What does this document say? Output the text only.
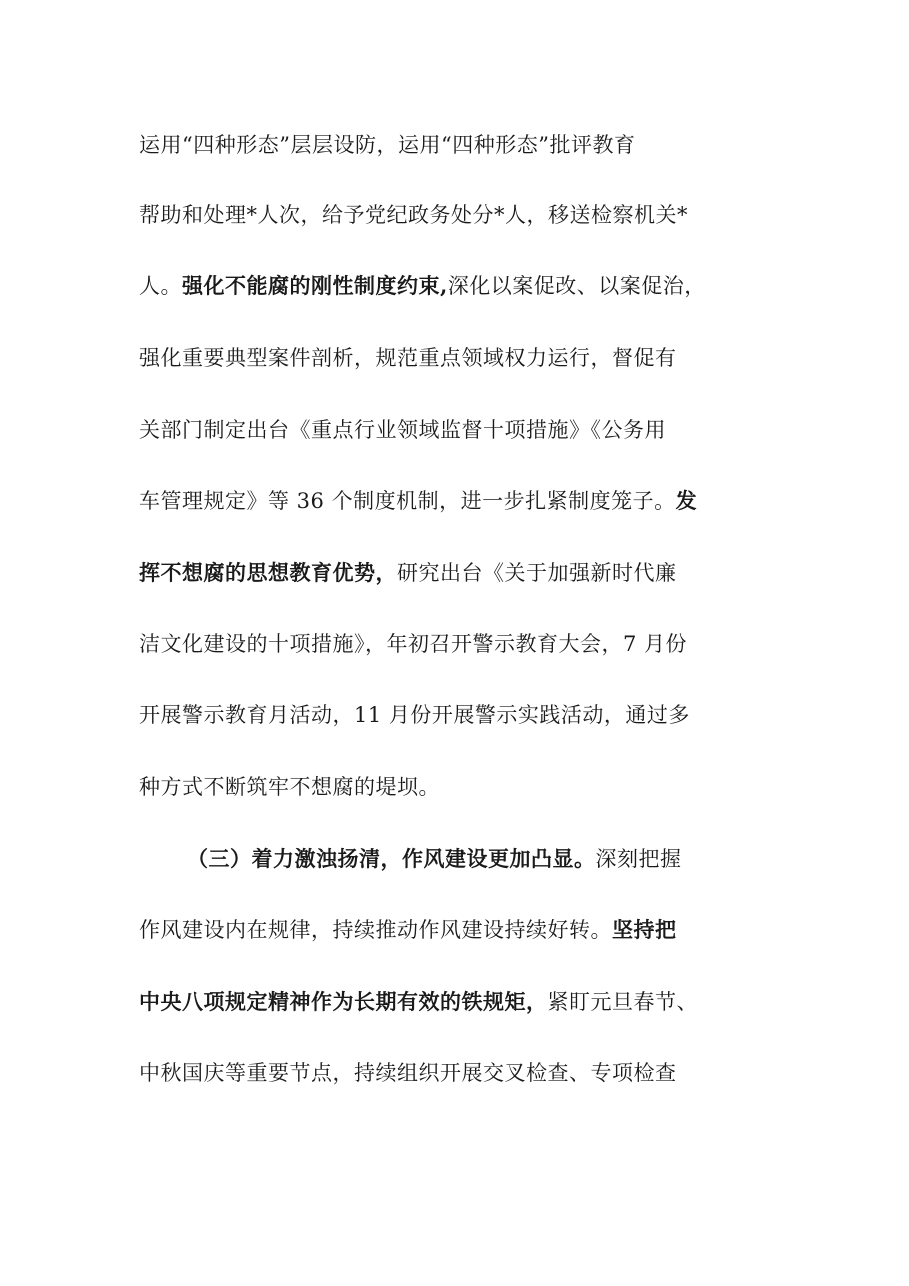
运用“四种形态”层层设防，运用“四种形态”批评教育
帮助和处理*人次，给予党纪政务处分*人，移送检察机关*
人。强化不能腐的刚性制度约束,深化以案促改、以案促治，
强化重要典型案件剖析，规范重点领域权力运行，督促有
关部门制定出台《重点行业领域监督十项措施》《公务用
车管理规定》等 36 个制度机制，进一步扎紧制度笼子。发
挥不想腐的思想教育优势，研究出台《关于加强新时代廉
洁文化建设的十项措施》，年初召开警示教育大会，7 月份
开展警示教育月活动，11 月份开展警示实践活动，通过多
种方式不断筑牢不想腐的堤坝。
（三）着力激浊扬清，作风建设更加凸显。深刻把握
作风建设内在规律，持续推动作风建设持续好转。坚持把
中央八项规定精神作为长期有效的铁规矩，紧盯元旦春节、
中秋国庆等重要节点，持续组织开展交叉检查、专项检查
